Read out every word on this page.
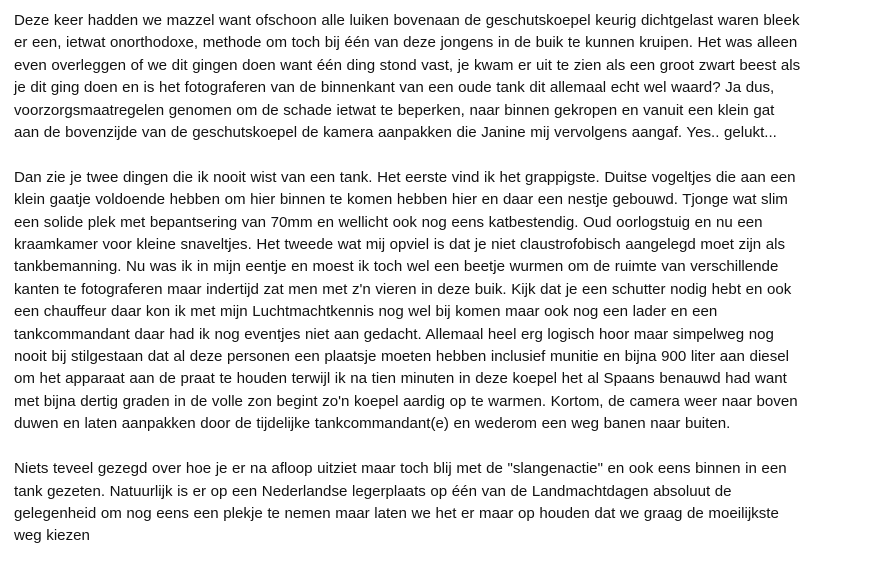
Deze keer hadden we mazzel want ofschoon alle luiken bovenaan de geschutskoepel keurig dichtgelast waren bleek
er een, ietwat onorthodoxe, methode om toch bij één van deze jongens in de buik te kunnen kruipen. Het was alleen
even overleggen of we dit gingen doen want één ding stond vast, je kwam er uit te zien als een groot zwart beest als
je dit ging doen en is het fotograferen van de binnenkant van een oude tank dit allemaal echt wel waard? Ja dus,
voorzorgsmaatregelen genomen om de schade ietwat te beperken, naar binnen gekropen en vanuit een klein gat
aan de bovenzijde van de geschutskoepel de kamera aanpakken die Janine mij vervolgens aangaf. Yes.. gelukt...

Dan zie je twee dingen die ik nooit wist van een tank. Het eerste vind ik het grappigste. Duitse vogeltjes die aan een
klein gaatje voldoende hebben om hier binnen te komen hebben hier en daar een nestje gebouwd. Tjonge wat slim
een solide plek met bepantsering van 70mm en wellicht ook nog eens katbestendig. Oud oorlogstuig en nu een
kraamkamer voor kleine snaveltjes. Het tweede wat mij opviel is dat je niet claustrofobisch aangelegd moet zijn als
tankbemanning. Nu was ik in mijn eentje en moest ik toch wel een beetje wurmen om de ruimte van verschillende
kanten te fotograferen maar indertijd zat men met z'n vieren in deze buik. Kijk dat je een schutter nodig hebt en ook
een chauffeur daar kon ik met mijn Luchtmachtkennis nog wel bij komen maar ook nog een lader en een
tankcommandant daar had ik nog eventjes niet aan gedacht. Allemaal heel erg logisch hoor maar simpelweg nog
nooit bij stilgestaan dat al deze personen een plaatsje moeten hebben inclusief munitie en bijna 900 liter aan diesel
om het apparaat aan de praat te houden terwijl ik na tien minuten in deze koepel het al Spaans benauwd had want
met bijna dertig graden in de volle zon begint zo'n koepel aardig op te warmen. Kortom, de camera weer naar boven
duwen en laten aanpakken door de tijdelijke tankcommandant(e) en wederom een weg banen naar buiten.

Niets teveel gezegd over hoe je er na afloop uitziet maar toch blij met de "slangenactie" en ook eens binnen in een
tank gezeten. Natuurlijk is er op een Nederlandse legerplaats op één van de Landmachtdagen absoluut de
gelegenheid om nog eens een plekje te nemen maar laten we het er maar op houden dat we graag de moeilijkste
weg kiezen
